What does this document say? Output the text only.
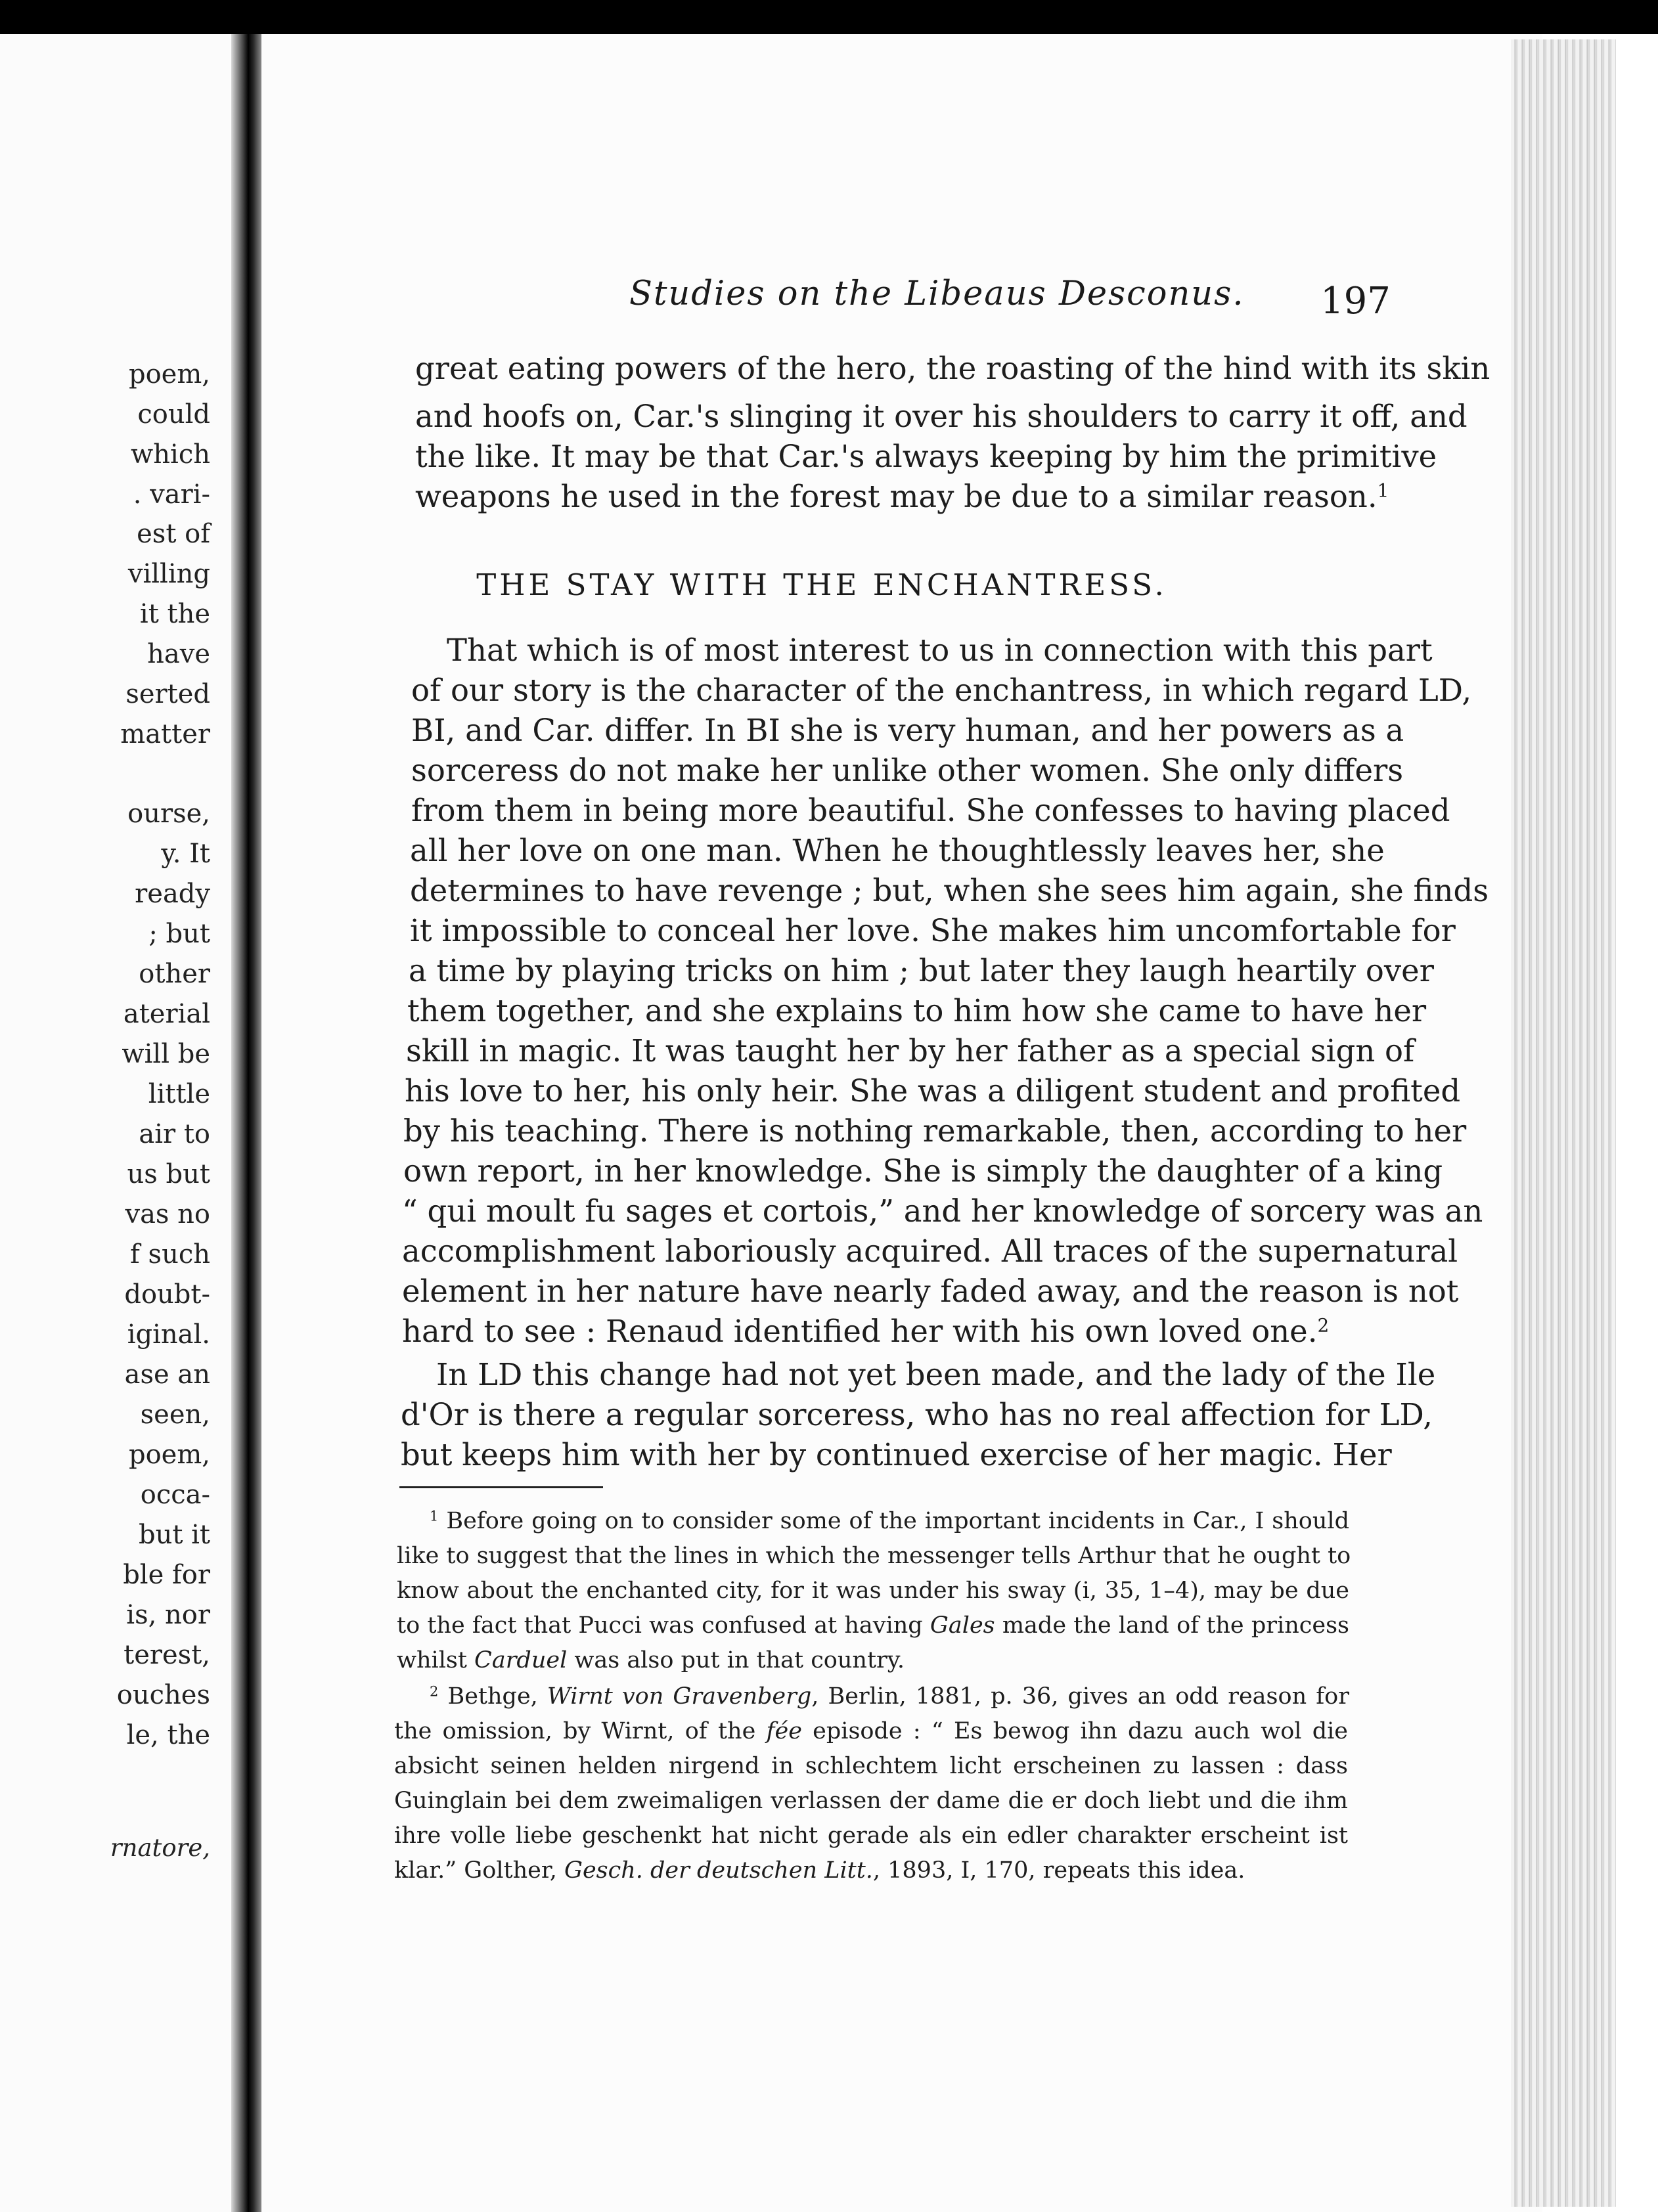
poem,
could
which
. vari-
est of
villing
it the
have
serted
matter
ourse,
y. It
ready
; but
other
aterial
will be
little
air to
us but
vas no
f such
doubt-
iginal.
ase an
seen,
poem,
occa-
but it
ble for
is, nor
terest,
ouches
le, the
rnatore,
Studies on the Libeaus Desconus. 197
great eating powers of the hero, the roasting of the hind with its skin
and hoofs on, Car.'s slinging it over his shoulders to carry it off, and
the like. It may be that Car.'s always keeping by him the primitive
weapons he used in the forest may be due to a similar reason.$^1$
THE STAY WITH THE ENCHANTRESS.
That which is of most interest to us in connection with this part
of our story is the character of the enchantress, in which regard LD,
BI, and Car. differ. In BI she is very human, and her powers as a
sorceress do not make her unlike other women. She only differs
from them in being more beautiful. She confesses to having placed
all her love on one man. When he thoughtlessly leaves her, she
determines to have revenge ; but, when she sees him again, she finds
it impossible to conceal her love. She makes him uncomfortable for
a time by playing tricks on him ; but later they laugh heartily over
them together, and she explains to him how she came to have her
skill in magic. It was taught her by her father as a special sign of
his love to her, his only heir. She was a diligent student and profited
by his teaching. There is nothing remarkable, then, according to her
own report, in her knowledge. She is simply the daughter of a king
“ qui moult fu sages et cortois,” and her knowledge of sorcery was an
accomplishment laboriously acquired. All traces of the supernatural
element in her nature have nearly faded away, and the reason is not
hard to see : Renaud identified her with his own loved one.$^2$
In LD this change had not yet been made, and the lady of the Ile
d'Or is there a regular sorceress, who has no real affection for LD,
but keeps him with her by continued exercise of her magic. Her
$^1$ Before going on to consider some of the important incidents in Car., I should
like to suggest that the lines in which the messenger tells Arthur that he ought to
know about the enchanted city, for it was under his sway (i, 35, 1–4), may be due
to the fact that Pucci was confused at having Gales made the land of the princess
whilst Carduel was also put in that country.
$^2$ Bethge, Wirnt von Gravenberg, Berlin, 1881, p. 36, gives an odd reason for
the omission, by Wirnt, of the fée episode : “ Es bewog ihn dazu auch wol die
absicht seinen helden nirgend in schlechtem licht erscheinen zu lassen : dass
Guinglain bei dem zweimaligen verlassen der dame die er doch liebt und die ihm
ihre volle liebe geschenkt hat nicht gerade als ein edler charakter erscheint ist
klar.” Golther, Gesch. der deutschen Litt., 1893, I, 170, repeats this idea.
